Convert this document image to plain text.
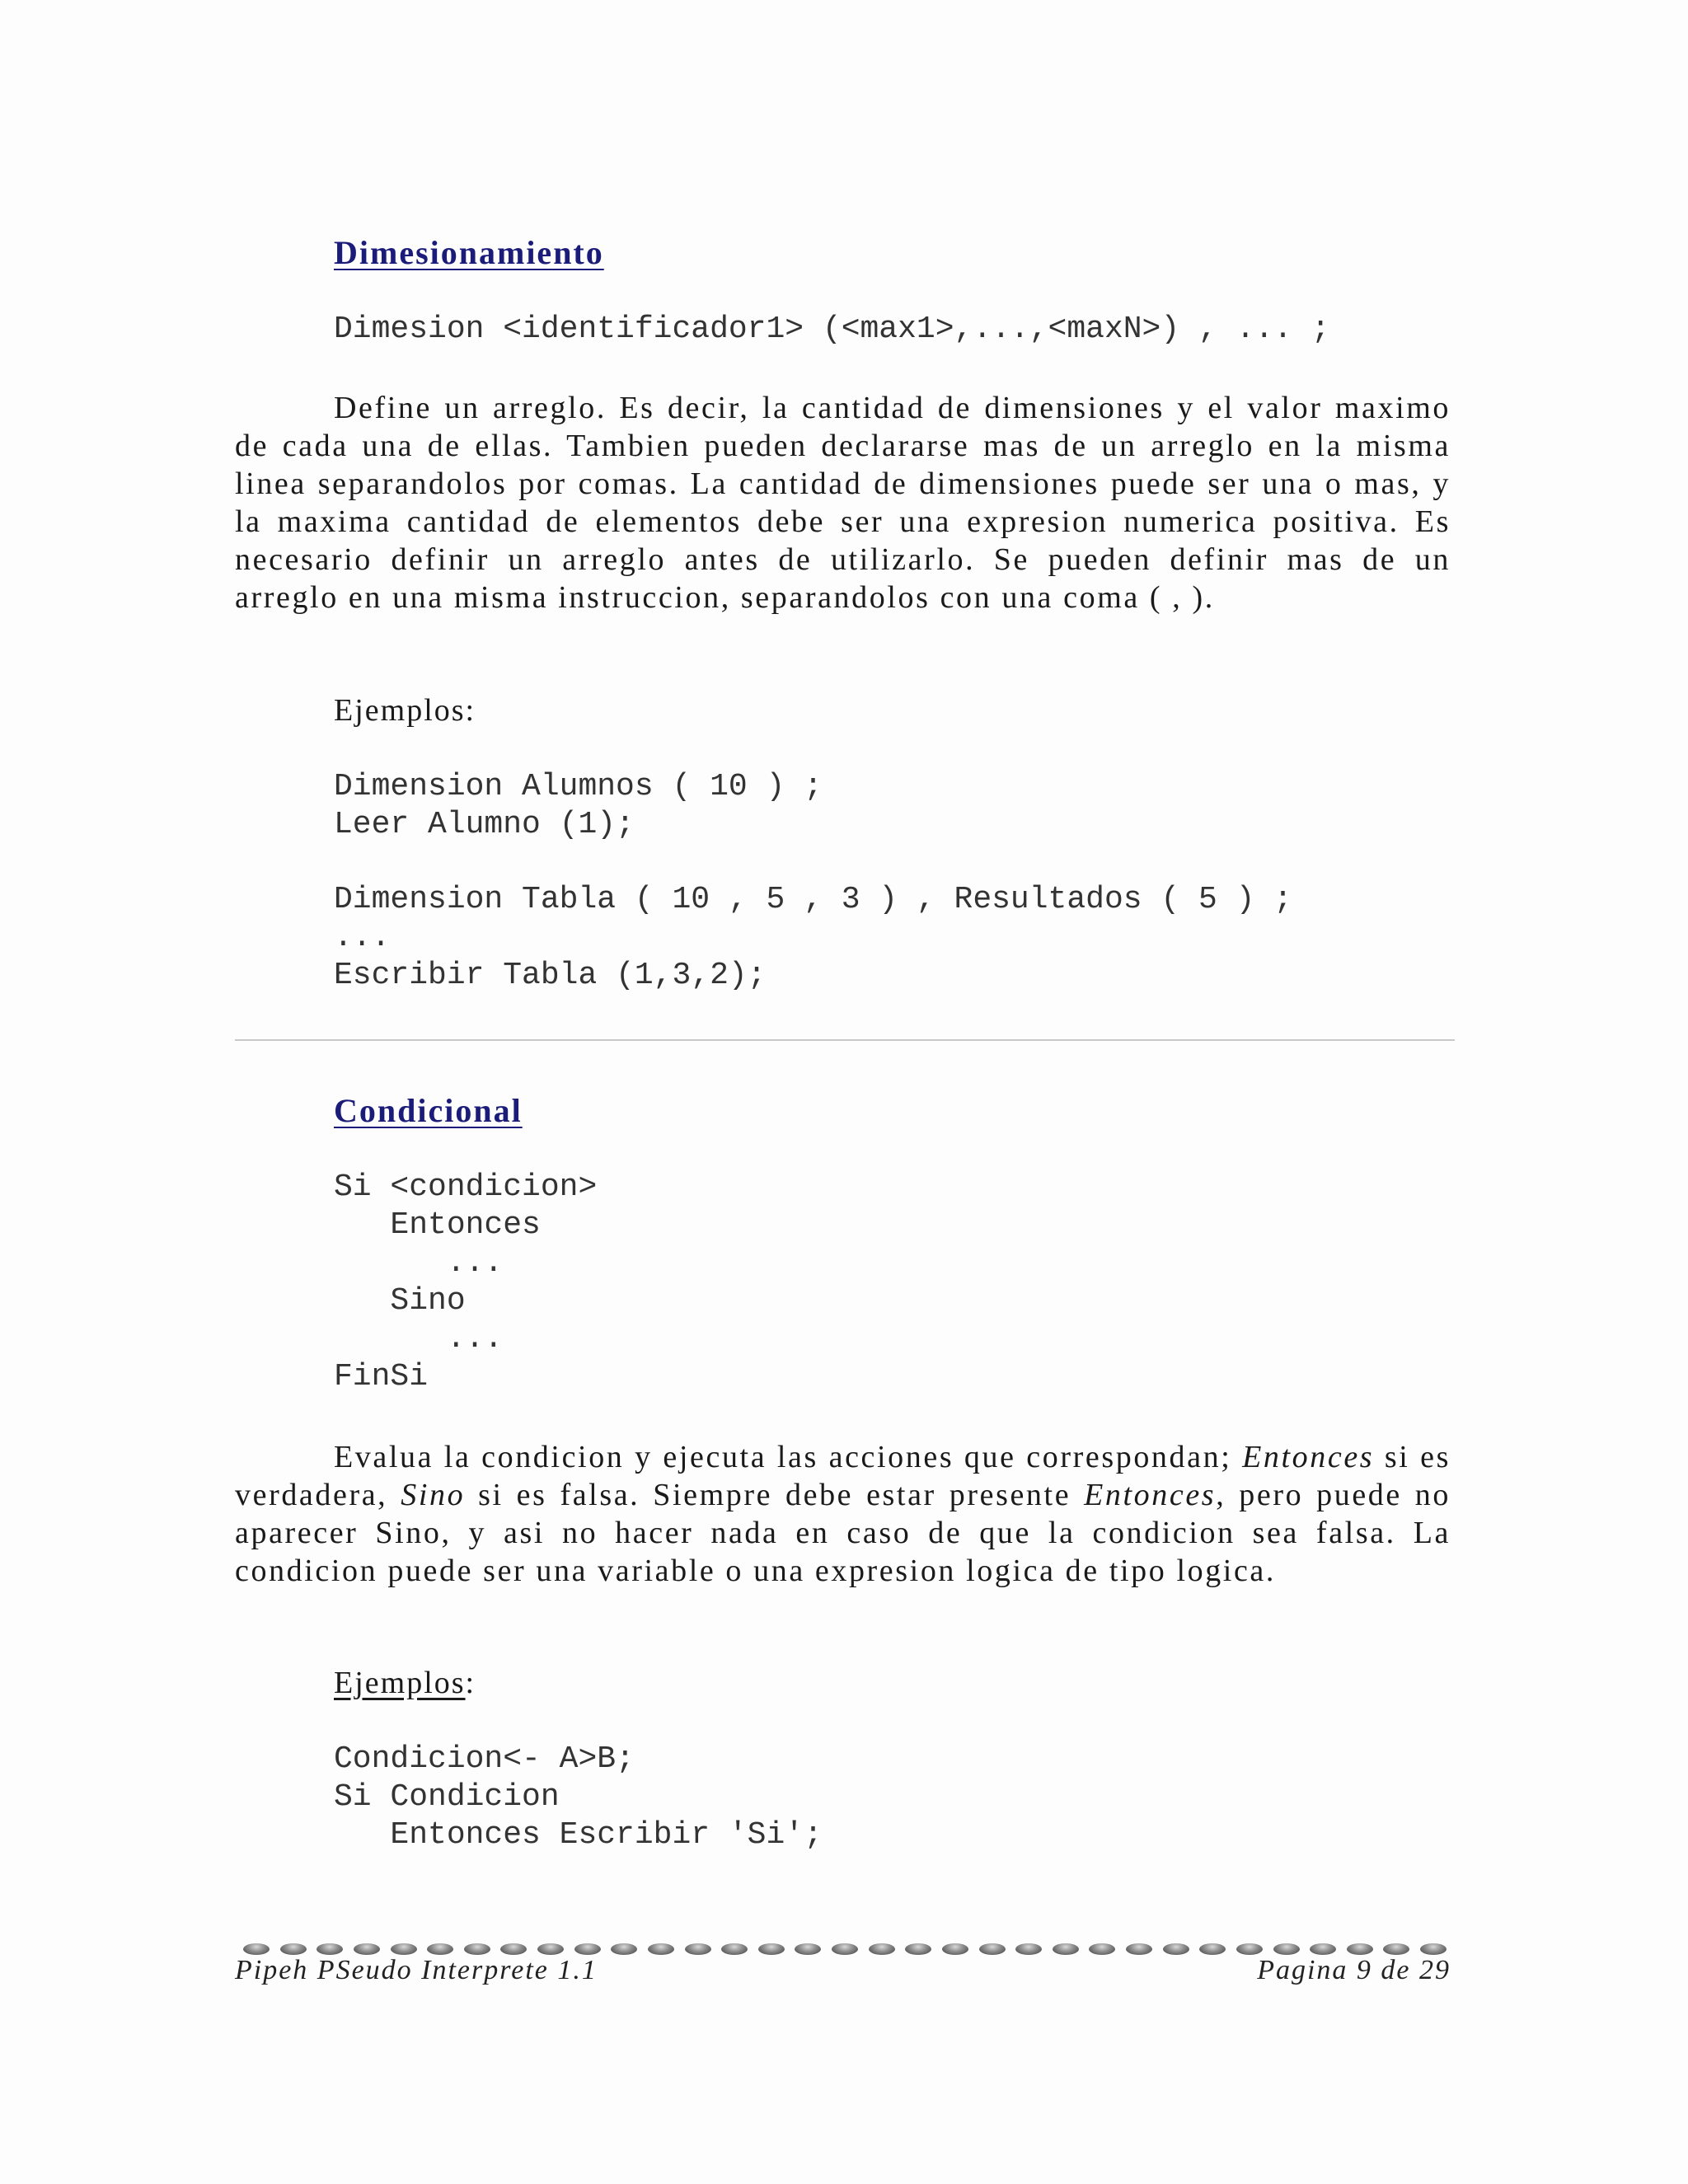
Dimesionamiento
Dimesion <identificador1> (<max1>,...,<maxN>) , ... ;

Define un arreglo. Es decir, la cantidad de dimensiones y el valor maximo de cada una de ellas. Tambien pueden declararse mas de un arreglo en la misma linea separandolos por comas. La cantidad de dimensiones puede ser una o mas, y la maxima cantidad de elementos debe ser una expresion numerica positiva. Es necesario definir un arreglo antes de utilizarlo. Se pueden definir mas de un arreglo en una misma instruccion, separandolos con una coma ( , ).

Ejemplos:
Dimension Alumnos ( 10 ) ;
Leer Alumno (1);
Dimension Tabla ( 10 , 5 , 3 ) , Resultados ( 5 ) ;
...
Escribir Tabla (1,3,2);
Condicional
Si <condicion>
Entonces
...
Sino
...
FinSi

Evalua la condicion y ejecuta las acciones que correspondan; Entonces si es verdadera, Sino si es falsa. Siempre debe estar presente Entonces, pero puede no aparecer Sino, y asi no hacer nada en caso de que la condicion sea falsa. La condicion puede ser una variable o una expresion logica de tipo logica.

Ejemplos:
Condicion<- A>B;
Si Condicion
Entonces Escribir 'Si';
Pipeh PSeudo Interprete 1.1	Pagina 9 de 29
